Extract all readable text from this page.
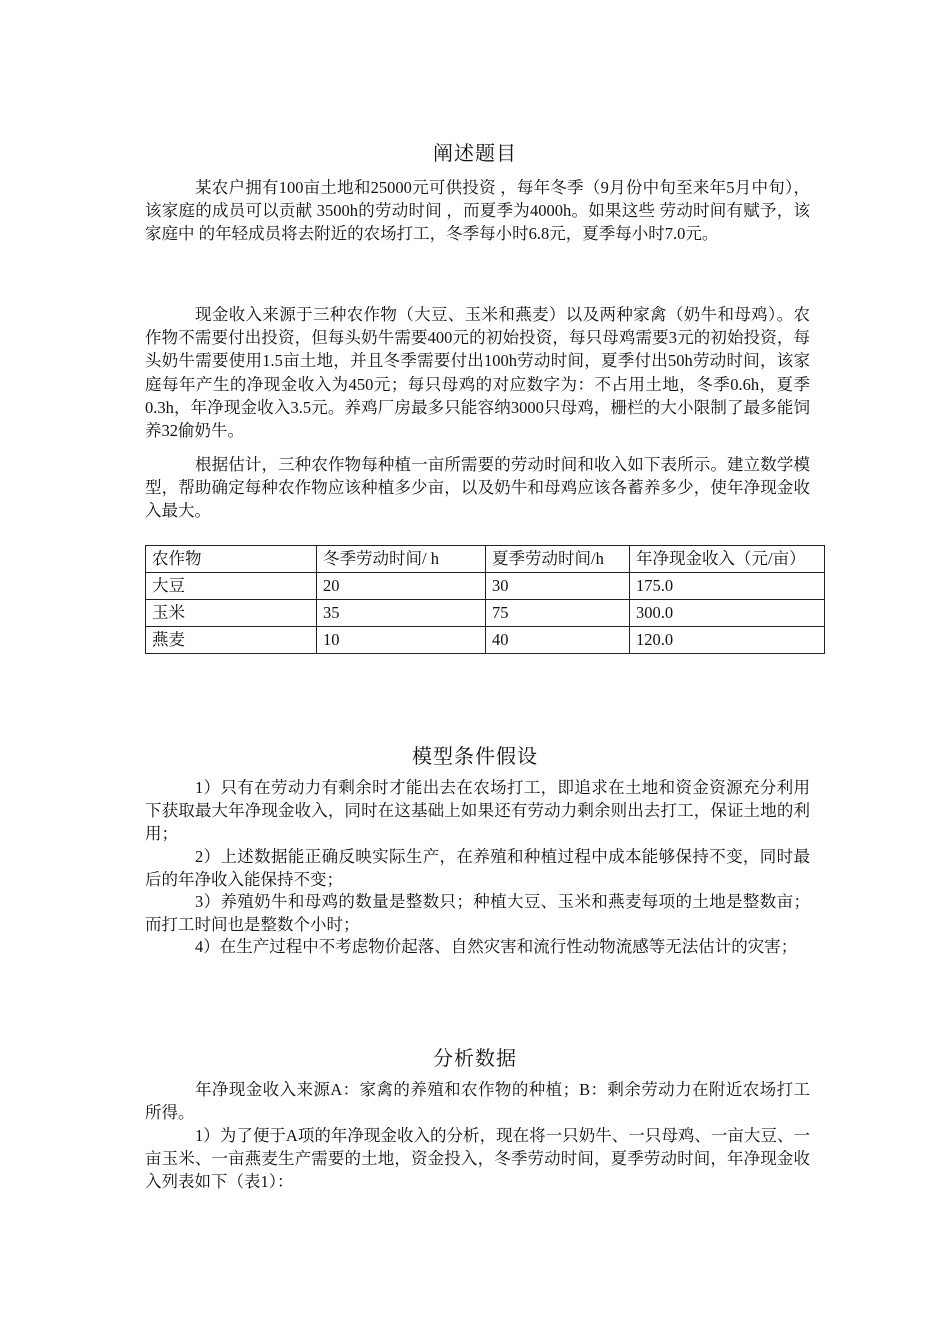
阐述题目

某农户拥有100亩土地和25000元可供投资 ，每年冬季（9月份中旬至来年5月中旬），该家庭的成员可以贡献 3500h的劳动时间 ，而夏季为4000h。如果这些 劳动时间有赋予，该家庭中 的年轻成员将去附近的农场打工，冬季每小时6.8元，夏季每小时7.0元。

现金收入来源于三种农作物（大豆、玉米和燕麦）以及两种家禽（奶牛和母鸡）。农作物不需要付出投资，但每头奶牛需要400元的初始投资，每只母鸡需要3元的初始投资，每头奶牛需要使用1.5亩土地，并且冬季需要付出100h劳动时间，夏季付出50h劳动时间，该家庭每年产生的净现金收入为450元；每只母鸡的对应数字为：不占用土地，冬季0.6h，夏季0.3h，年净现金收入3.5元。养鸡厂房最多只能容纳3000只母鸡，栅栏的大小限制了最多能饲养32偷奶牛。

根据估计，三种农作物每种植一亩所需要的劳动时间和收入如下表所示。建立数学模型，帮助确定每种农作物应该种植多少亩，以及奶牛和母鸡应该各蓄养多少，使年净现金收入最大。

农作物	冬季劳动时间/ h	夏季劳动时间/h	年净现金收入（元/亩）
大豆	20	30	175.0
玉米	35	75	300.0
燕麦	10	40	120.0
模型条件假设

1）只有在劳动力有剩余时才能出去在农场打工，即追求在土地和资金资源充分利用下获取最大年净现金收入，同时在这基础上如果还有劳动力剩余则出去打工，保证土地的利用；

2）上述数据能正确反映实际生产，在养殖和种植过程中成本能够保持不变，同时最后的年净收入能保持不变；

3）养殖奶牛和母鸡的数量是整数只；种植大豆、玉米和燕麦每项的土地是整数亩；而打工时间也是整数个小时；

4）在生产过程中不考虑物价起落、自然灾害和流行性动物流感等无法估计的灾害；

分析数据

年净现金收入来源A：家禽的养殖和农作物的种植；B：剩余劳动力在附近农场打工所得。

1）为了便于A项的年净现金收入的分析，现在将一只奶牛、一只母鸡、一亩大豆、一亩玉米、一亩燕麦生产需要的土地，资金投入，冬季劳动时间，夏季劳动时间，年净现金收入列表如下（表1）：
